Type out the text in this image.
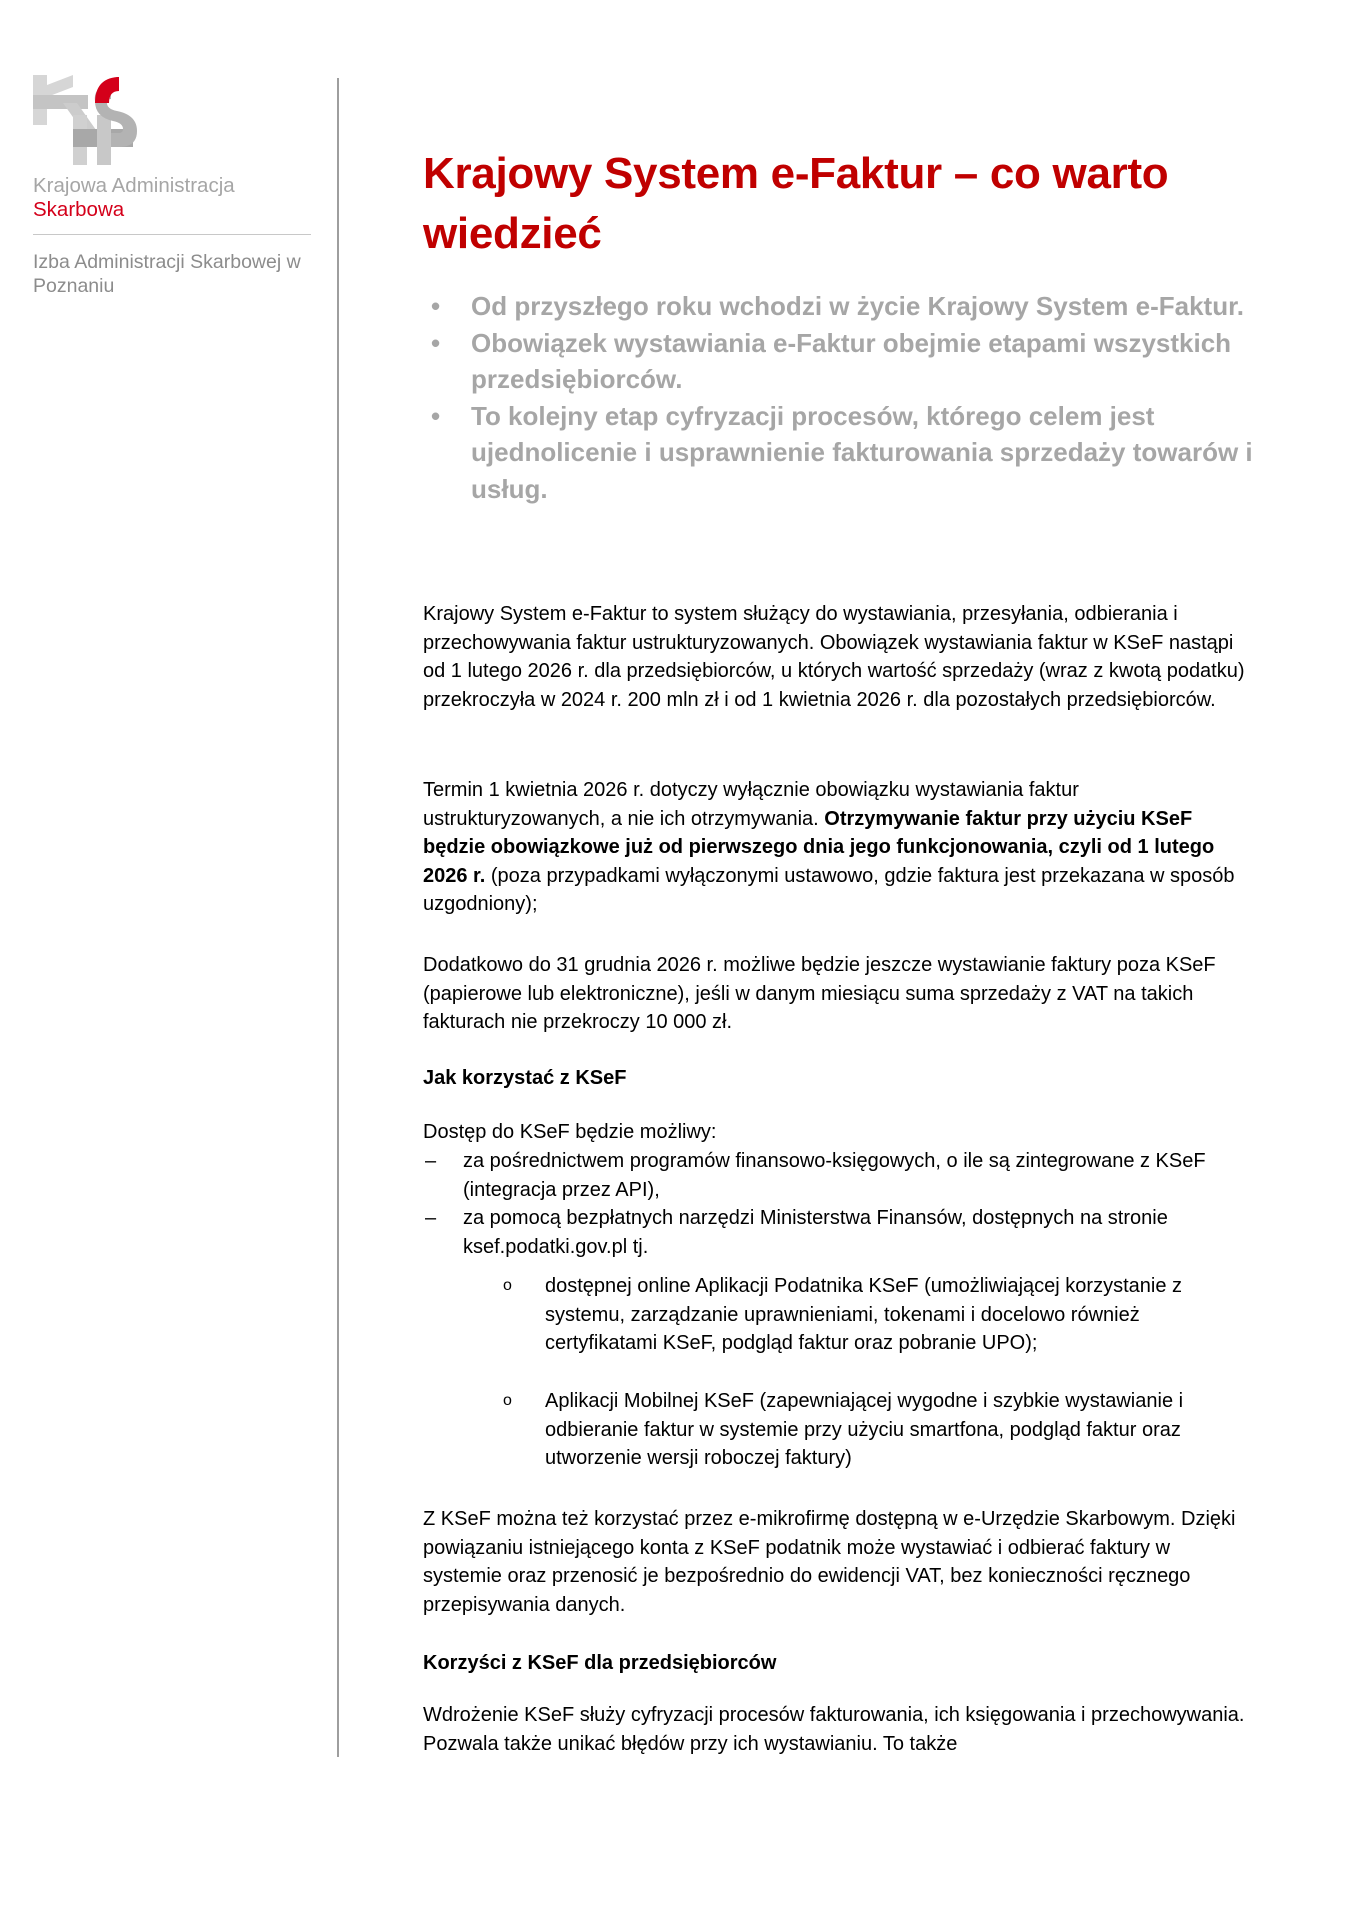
Krajowa Administracja
Skarbowa
Izba Administracji Skarbowej w Poznaniu
Krajowy System e-Faktur – co warto wiedzieć
• Od przyszłego roku wchodzi w życie Krajowy System e-Faktur.
• Obowiązek wystawiania e-Faktur obejmie etapami wszystkich przedsiębiorców.
• To kolejny etap cyfryzacji procesów, którego celem jest ujednolicenie i usprawnienie fakturowania sprzedaży towarów i usług.

Krajowy System e-Faktur to system służący do wystawiania, przesyłania, odbierania i przechowywania faktur ustrukturyzowanych. Obowiązek wystawiania faktur w KSeF nastąpi od 1 lutego 2026 r. dla przedsiębiorców, u których wartość sprzedaży (wraz z kwotą podatku) przekroczyła w 2024 r. 200 mln zł i od 1 kwietnia 2026 r. dla pozostałych przedsiębiorców.

Termin 1 kwietnia 2026 r. dotyczy wyłącznie obowiązku wystawiania faktur ustrukturyzowanych, a nie ich otrzymywania. Otrzymywanie faktur przy użyciu KSeF będzie obowiązkowe już od pierwszego dnia jego funkcjonowania, czyli od 1 lutego 2026 r. (poza przypadkami wyłączonymi ustawowo, gdzie faktura jest przekazana w sposób uzgodniony);

Dodatkowo do 31 grudnia 2026 r. możliwe będzie jeszcze wystawianie faktury poza KSeF (papierowe lub elektroniczne), jeśli w danym miesiącu suma sprzedaży z VAT na takich fakturach nie przekroczy 10 000 zł.

Jak korzystać z KSeF

Dostęp do KSeF będzie możliwy:

– za pośrednictwem programów finansowo-księgowych, o ile są zintegrowane z KSeF (integracja przez API),
– za pomocą bezpłatnych narzędzi Ministerstwa Finansów, dostępnych na stronie ksef.podatki.gov.pl tj.
o dostępnej online Aplikacji Podatnika KSeF (umożliwiającej korzystanie z systemu, zarządzanie uprawnieniami, tokenami i docelowo również certyfikatami KSeF, podgląd faktur oraz pobranie UPO);
o Aplikacji Mobilnej KSeF (zapewniającej wygodne i szybkie wystawianie i odbieranie faktur w systemie przy użyciu smartfona, podgląd faktur oraz utworzenie wersji roboczej faktury)

Z KSeF można też korzystać przez e-mikrofirmę dostępną w e-Urzędzie Skarbowym. Dzięki powiązaniu istniejącego konta z KSeF podatnik może wystawiać i odbierać faktury w systemie oraz przenosić je bezpośrednio do ewidencji VAT, bez konieczności ręcznego przepisywania danych.

Korzyści z KSeF dla przedsiębiorców

Wdrożenie KSeF służy cyfryzacji procesów fakturowania, ich księgowania i przechowywania. Pozwala także unikać błędów przy ich wystawianiu. To także
